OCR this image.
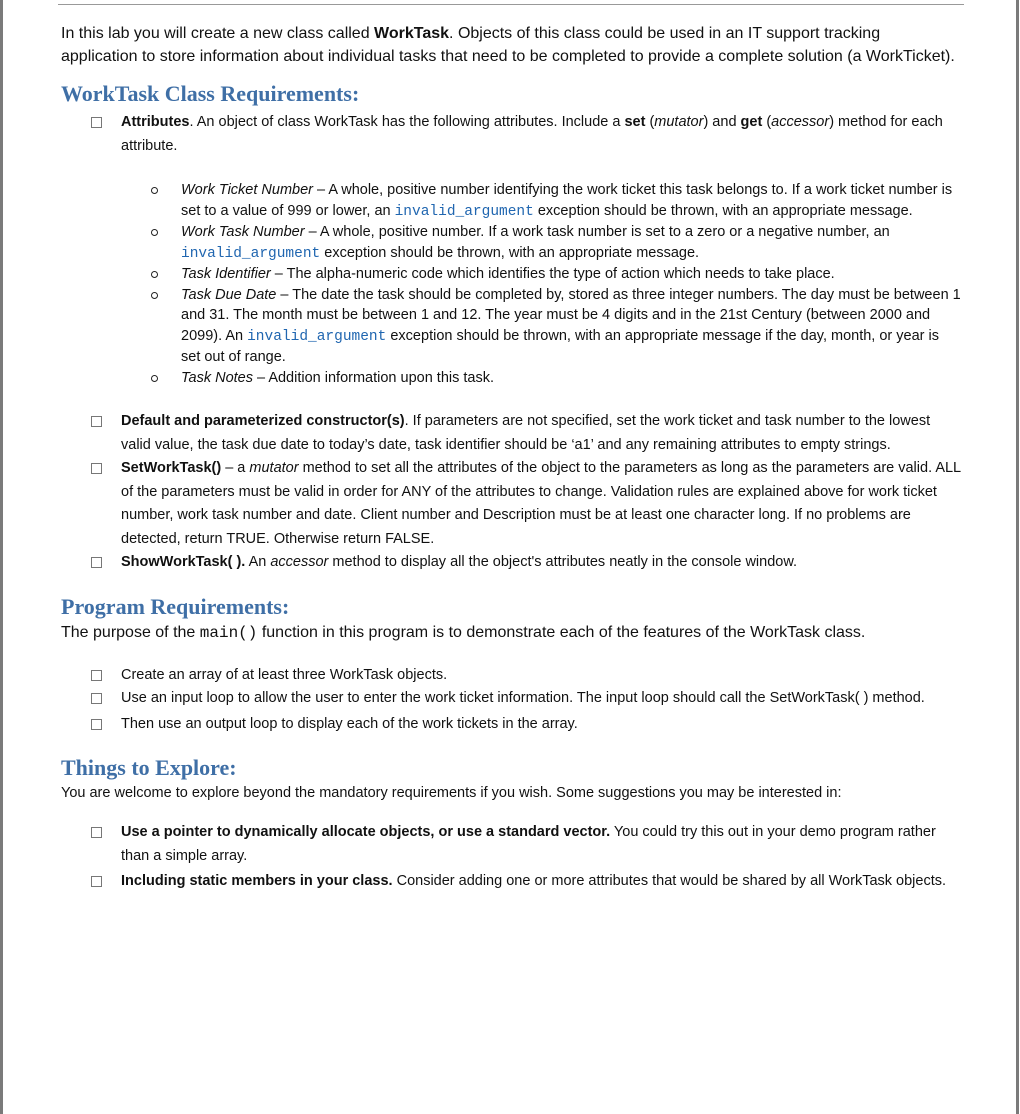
In this lab you will create a new class called WorkTask. Objects of this class could be used in an IT support tracking application to store information about individual tasks that need to be completed to provide a complete solution (a WorkTicket).

WorkTask Class Requirements:

Attributes. An object of class WorkTask has the following attributes. Include a set (mutator) and get (accessor) method for each attribute.
Work Ticket Number – A whole, positive number identifying the work ticket this task belongs to. If a work ticket number is set to a value of 999 or lower, an invalid_argument exception should be thrown, with an appropriate message.
Work Task Number – A whole, positive number. If a work task number is set to a zero or a negative number, an invalid_argument exception should be thrown, with an appropriate message.
Task Identifier – The alpha-numeric code which identifies the type of action which needs to take place.
Task Due Date – The date the task should be completed by, stored as three integer numbers. The day must be between 1 and 31. The month must be between 1 and 12. The year must be 4 digits and in the 21st Century (between 2000 and 2099). An invalid_argument exception should be thrown, with an appropriate message if the day, month, or year is set out of range.
Task Notes – Addition information upon this task.
Default and parameterized constructor(s). If parameters are not specified, set the work ticket and task number to the lowest valid value, the task due date to today’s date, task identifier should be ‘a1’ and any remaining attributes to empty strings.
SetWorkTask() – a mutator method to set all the attributes of the object to the parameters as long as the parameters are valid. ALL of the parameters must be valid in order for ANY of the attributes to change. Validation rules are explained above for work ticket number, work task number and date. Client number and Description must be at least one character long. If no problems are detected, return TRUE. Otherwise return FALSE.
ShowWorkTask( ). An accessor method to display all the object's attributes neatly in the console window.

Program Requirements:

The purpose of the main() function in this program is to demonstrate each of the features of the WorkTask class.

Create an array of at least three WorkTask objects.
Use an input loop to allow the user to enter the work ticket information. The input loop should call the SetWorkTask( ) method.
Then use an output loop to display each of the work tickets in the array.

Things to Explore:

You are welcome to explore beyond the mandatory requirements if you wish. Some suggestions you may be interested in:

Use a pointer to dynamically allocate objects, or use a standard vector. You could try this out in your demo program rather than a simple array.
Including static members in your class. Consider adding one or more attributes that would be shared by all WorkTask objects.
